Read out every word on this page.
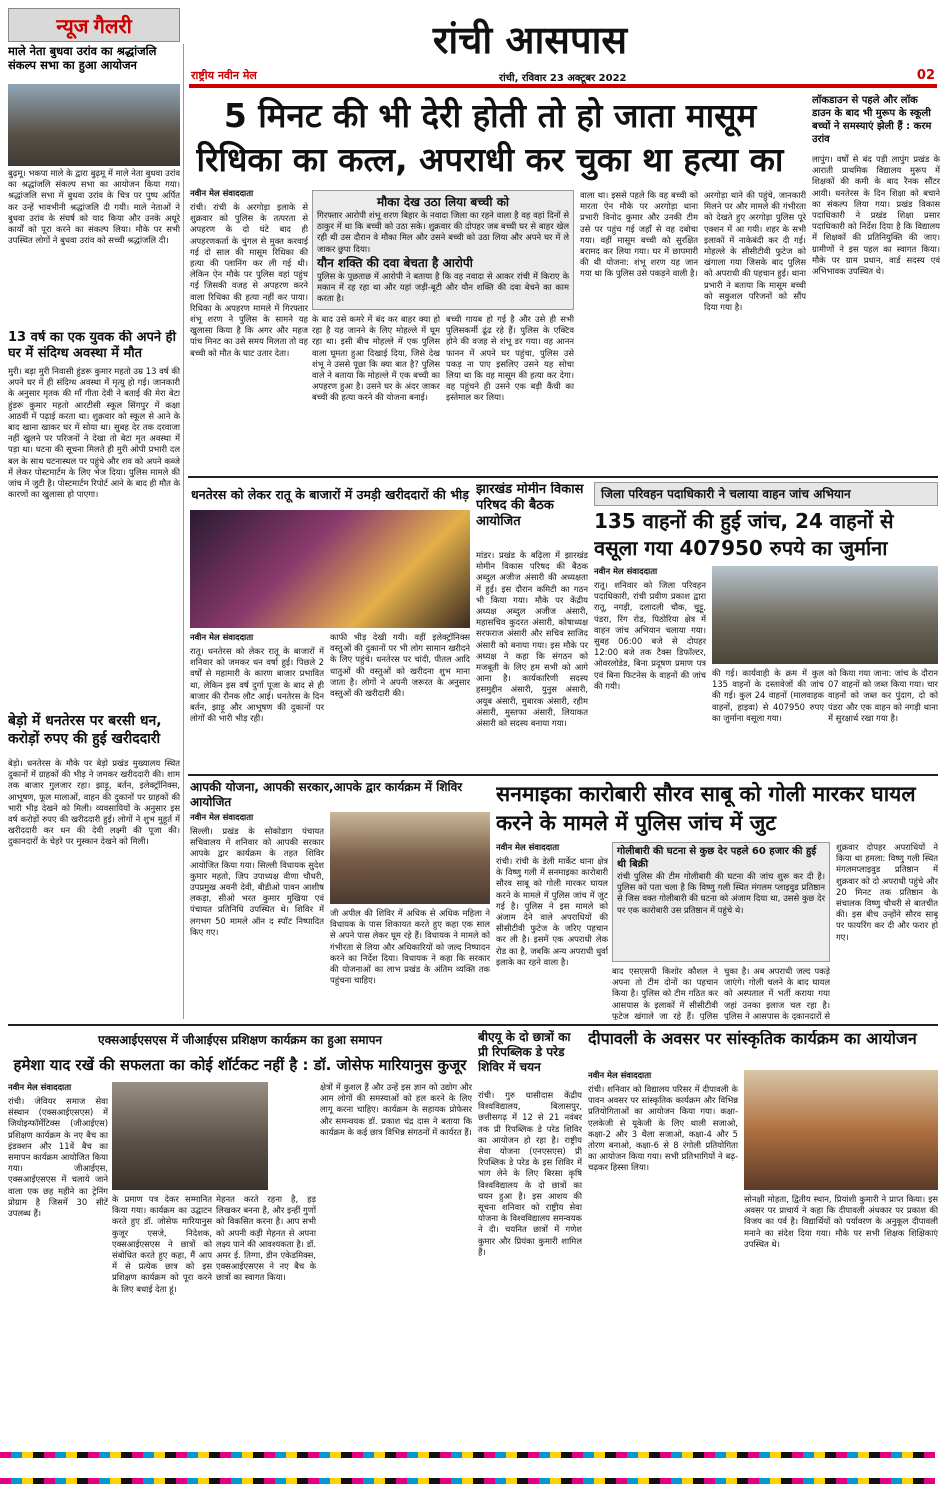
न्यूज गैलरी	रांची आसपास
राष्ट्रीय नवीन मेल	रांची, रविवार 23 अक्टूबर 2022	02
माले नेता बुधवा उरांव का श्रद्धांजलि संकल्प सभा का हुआ आयोजन
बुढ़मू। भकपा माले के द्वारा बुढ़मू में माले नेता बुधवा उरांव का श्रद्धांजलि संकल्प सभा का आयोजन किया गया। श्रद्धांजलि सभा में बुधवा उरांव के चित्र पर पुष्प अर्पित कर उन्हें भावभीनी श्रद्धांजलि दी गयी। माले नेताओं ने बुधवा उरांव के संघर्ष को याद किया और उनके अधूरे कार्यों को पूरा करने का संकल्प लिया। मौके पर सभी उपस्थित लोगों ने बुधवा उरांव को सच्ची श्रद्धांजलि दी।
13 वर्ष का एक युवक की अपने ही घर में संदिग्ध अवस्था में मौत
मुरी। बड़ा मुरी निवासी हुंडरू कुमार महतो उम्र 13 वर्ष की अपने घर में ही संदिग्ध अवस्था में मृत्यु हो गई। जानकारी के अनुसार मृतक की माँ गीता देवी ने बताई की मेरा बेटा हुंडरू कुमार महतो आरटीसी स्कूल सिंगपुर में कक्षा आठवीं में पढ़ाई करता था। शुक्रवार को स्कूल से आने के बाद खाना खाकर घर में सोया था। सुबह देर तक दरवाजा नहीं खुलने पर परिजनों ने देखा तो बेटा मृत अवस्था में पड़ा था। घटना की सूचना मिलते ही मुरी ओपी प्रभारी दल बल के साथ घटनास्थल पर पहुंचे और शव को अपने कब्जे में लेकर पोस्टमार्टम के लिए भेज दिया। पुलिस मामले की जांच में जुटी है। पोस्टमार्टम रिपोर्ट आने के बाद ही मौत के कारणों का खुलासा हो पाएगा।
बेड़ो में धनतेरस पर बरसी धन, करोड़ों रुपए की हुई खरीददारी
बेड़ो। धनतेरस के मौके पर बेड़ो प्रखंड मुख्यालय स्थित दुकानों में ग्राहकों की भीड़ ने जमकर खरीददारी की। शाम तक बाजार गुलजार रहा। झाड़ू, बर्तन, इलेक्ट्रॉनिक्स, आभूषण, फूल मालाओं, वाहन की दुकानों पर ग्राहकों की भारी भीड़ देखने को मिली। व्यवसायियों के अनुसार इस वर्ष करोड़ों रुपए की खरीददारी हुई। लोगों ने शुभ मुहूर्त में खरीददारी कर धन की देवी लक्ष्मी की पूजा की। दुकानदारों के चेहरे पर मुस्कान देखने को मिली।
5 मिनट की भी देरी होती तो हो जाता मासूम रिधिका का कत्ल, अपराधी कर चुका था हत्या का
नवीन मेल संवाददाता
रांची। रांची के अरगोड़ा इलाके से शुक्रवार को पुलिस के तत्परता से अपहरण के दो घंटे बाद ही अपहरणकर्ता के चुंगल से मुक्त करवाई गई दो साल की मासूम रिधिका की हत्या की प्लानिंग कर ली गई थी। लेकिन ऐन मौके पर पुलिस वहां पहुंच गई जिसकी वजह से अपहरण करने वाला रिधिका की हत्या नहीं कर पाया। रिधिका के अपहरण मामले में गिरफ्तार शंभू शरण ने पुलिस के सामने यह खुलासा किया है कि अगर और महज पांच मिनट का उसे समय मिलता तो वह बच्ची को मौत के घाट उतार देता।
मौका देख उठा लिया बच्ची को
गिरफ्तार आरोपी शंभू शरण बिहार के नवादा जिला का रहने वाला है वह वहां दिनों से ठाकुर में था कि बच्ची को उठा सके। शुक्रवार की दोपहर जब बच्ची घर से बाहर खेल रही थी उस दौरान वे मौका मिल और उसने बच्ची को उठा लिया और अपने घर में ले जाकर छुपा दिया।
यौन शक्ति की दवा बेचता है आरोपी
पुलिस के पूछताछ में आरोपी ने बताया है कि वह नवादा से आकर रांची में किराए के मकान में रह रहा था और यहां जड़ी-बूटी और यौन शक्ति की दवा बेचने का काम करता है।
के बाद उसे कमरे में बंद कर बाहर क्या हो रहा है यह जानने के लिए मोहल्ले में घूम रहा था। इसी बीच मोहल्ले में एक पुलिस वाला घूमता हुआ दिखाई दिया, जिसे देख शंभू ने उससे पूछा कि क्या बात है? पुलिस वाले ने बताया कि मोहल्ले में एक बच्ची का अपहरण हुआ है। उसने घर के अंदर जाकर बच्ची की हत्या करने की योजना बनाई।
बच्ची गायब हो गई है और उसे ही सभी पुलिसकर्मी ढूंढ रहे हैं। पुलिस के एक्टिव होने की वजह से शंभू डर गया। वह आनन फानन में अपने घर पहुंचा, पुलिस उसे पकड़ ना पाए इसलिए उसने यह सोचा लिया था कि वह मासूम की हत्या कर देगा। वह पहुंचने ही उसने एक बड़ी कैंची का इस्तेमाल कर लिया।
वाला था। इससे पहले कि वह बच्ची को मारता ऐन मौके पर अरगोड़ा थाना प्रभारी विनोद कुमार और उनकी टीम उसे पर पहुंच गई जहाँ से वह दबोचा गया। वहीं मासूम बच्ची को सुरक्षित बरामद कर लिया गया। घर में छापमारी की थी योजना: शंभू शरण यह जान गया था कि पुलिस उसे पकड़ने वाली है।
अरगोड़ा थाने की पहुंचे, जानकारी मिलने पर और मामले की गंभीरता को देखते हुए अरगोड़ा पुलिस पूरे एक्शन में आ गयी। शहर के सभी इलाकों में नाकेबंदी कर दी गई। मोहल्ले के सीसीटीवी फुटेज को खंगाला गया जिसके बाद पुलिस को अपराधी की पहचान हुई। थाना प्रभारी ने बताया कि मासूम बच्ची को सकुशल परिजनों को सौंप दिया गया है।
लॉकडाउन से पहले और लॉक डाउन के बाद भी मुरूप के स्कूली बच्चों ने समस्याएं झेली हैं : करम उरांव
लापुंग। वर्षों से बंद पड़ी लापुंग प्रखंड के आराती प्राथमिक विद्यालय मुरूप में शिक्षकों की कमी के बाद रैनक सौंटर आयी। धनतेरस के दिन शिक्षा को बचाने का संकल्प लिया गया। प्रखंड विकास पदाधिकारी ने प्रखंड शिक्षा प्रसार पदाधिकारी को निर्देश दिया है कि विद्यालय में शिक्षकों की प्रतिनियुक्ति की जाए। ग्रामीणों ने इस पहल का स्वागत किया। मौके पर ग्राम प्रधान, वार्ड सदस्य एवं अभिभावक उपस्थित थे।
धनतेरस को लेकर रातू के बाजारों में उमड़ी खरीददारों की भीड़
नवीन मेल संवाददाता
रातू। धनतेरस को लेकर रातू के बाजारों में शनिवार को जमकर धन वर्षा हुई। पिछले 2 वर्षों से महामारी के कारण बाजार प्रभावित था, लेकिन इस वर्ष दुर्गा पूजा के बाद से ही बाजार की रौनक लौट आई। धनतेरस के दिन बर्तन, झाड़ू और आभूषण की दुकानों पर लोगों की भारी भीड़ रही।
काफी भीड़ देखी गयी। वहीं इलेक्ट्रॉनिक्स वस्तुओं की दुकानों पर भी लोग सामान खरीदने के लिए पहुंचे। धनतेरस पर चांदी, पीतल आदि धातुओं की वस्तुओं को खरीदना शुभ माना जाता है। लोगों ने अपनी जरूरत के अनुसार वस्तुओं की खरीदारी की।
झारखंड मोमीन विकास परिषद की बैठक आयोजित
मांडर। प्रखंड के बढ़िला में झारखंड मोमीन विकास परिषद की बैठक अब्दुल अजीज अंसारी की अध्यक्षता में हुई। इस दौरान कमिटी का गठन भी किया गया। मौके पर केंद्रीय अध्यक्ष अब्दुल अजीज अंसारी, महासचिव कुदरत अंसारी, कोषाध्यक्ष सरफराज अंसारी और सचिव साजिद अंसारी को बनाया गया। इस मौके पर अध्यक्ष ने कहा कि संगठन को मजबूती के लिए हम सभी को आगे आना है। कार्यकारिणी सदस्य हसमुद्दीन अंसारी, युनुस अंसारी, अयूब अंसारी, मुबारक अंसारी, रहीम अंसारी, मुस्तफा अंसारी, लियाकत अंसारी को सदस्य बनाया गया।
जिला परिवहन पदाधिकारी ने चलाया वाहन जांच अभियान
135 वाहनों की हुई जांच, 24 वाहनों से वसूला गया 407950 रुपये का जुर्माना
नवीन मेल संवाददाता
रातू। शनिवार को जिला परिवहन पदाधिकारी, रांची प्रवीण प्रकाश द्वारा रातू, नगड़ी, दलादली चौक, चुट्टू, पंडरा, रिंग रोड, पिठोरिया क्षेत्र में वाहन जांच अभियान चलाया गया। सुबह 06:00 बजे से दोपहर 12:00 बजे तक टैक्स डिफॉल्टर, ओवरलोडेड, बिना प्रदूषण प्रमाण पत्र एवं बिना फिटनेस के वाहनों की जांच की गयी।
की गई। कार्यवाही के क्रम में कुल 135 वाहनों के दस्तावेजों की जांच की गई। कुल 24 वाहनों (मालवाहक वाहनों, हाइवा) से 407950 रुपए का जुर्माना वसूला गया।
को किया गया जाना: जांच के दौरान 07 वाहनों को जब्त किया गया। चार वाहनों को जब्त कर पुंदाग, दो को पंडरा और एक वाहन को नगड़ी थाना में सुरक्षार्थ रखा गया है।
आपकी योजना, आपकी सरकार,आपके द्वार कार्यक्रम में शिविर आयोजित
नवीन मेल संवाददाता
सिल्ली। प्रखंड के सोकोडाग पंचायत सचिवालय में शनिवार को आपकी सरकार आपके द्वार कार्यक्रम के तहत शिविर आयोजित किया गया। सिल्ली विधायक सुदेश कुमार महतो, जिप उपाध्यक्ष वीणा चौधरी, उपप्रमुख अवनी देवी, बीडीओ पावन आशीष लकड़ा, सीओ भरत कुमार मुखिया एवं पंचायत प्रतिनिधि उपस्थित थे। शिविर में लगभग 50 मामले ऑन द स्पॉट निष्पादित किए गए।
जी अपील की शिविर में अधिक से अधिक महिला ने विधायक के पास शिकायत करते हुए कहा एक साल से अपने पास लेकर घूम रहे हैं। विधायक ने मामले को गंभीरता से लिया और अधिकारियों को जल्द निष्पादन करने का निर्देश दिया। विधायक ने कहा कि सरकार की योजनाओं का लाभ प्रखंड के अंतिम व्यक्ति तक पहुंचना चाहिए।
सनमाइका कारोबारी सौरव साबू को गोली मारकर घायल करने के मामले में पुलिस जांच में जुट
नवीन मेल संवाददाता
रांची। रांची के डेली मार्केट थाना क्षेत्र के विष्णु गली में सनमाइका कारोबारी सौरव साबू को गोली मारकर घायल करने के मामले में पुलिस जांच में जुट गई है। पुलिस ने इस मामले को अंजाम देने वाले अपराधियों की सीसीटीवी फुटेज के जरिए पहचान कर ली है। इसमें एक अपराधी लेक रोड का है, जबकि अन्य अपराधी धुर्वा इलाके का रहने वाला है।
गोलीबारी की घटना से कुछ देर पहले 60 हजार की हुई थी बिक्री
रांची पुलिस की टीम गोलीबारी की घटना की जांच शुरू कर दी है। पुलिस को पता चला है कि विष्णु गली स्थित मंगलम प्लाइवुड प्रतिष्ठान से जिस वक्त गोलीबारी की घटना को अंजाम दिया था, उससे कुछ देर पर एक कारोबारी उस प्रतिष्ठान में पहुंचे थे।
बाद एसएसपी किशोर कौशल ने अपना तो टीम दोनों का पहचान किया है। पुलिस को टीम गठित कर आसपास के इलाकों में सीसीटीवी फुटेज खंगाले जा रहे हैं। पुलिस
चुका है। अब अपराधी जल्द पकड़े जाएंगे। गोली चलने के बाद घायल को अस्पताल में भर्ती कराया गया जहां उनका इलाज चल रहा है। पुलिस ने आसपास के दुकानदारों से
शुक्रवार दोपहर अपराधियों ने किया था हमला: विष्णु गली स्थित मंगलमप्लाइवुड प्रतिष्ठान में शुक्रवार को दो अपराधी पहुंचे और 20 मिनट तक प्रतिष्ठान के संचालक विष्णु चौधरी से बातचीत की। इस बीच उन्होंने सौरव साबू पर फायरिंग कर दी और फरार हो गए।
एक्सआईएसएस में जीआईएस प्रशिक्षण कार्यक्रम का हुआ समापन
हमेशा याद रखें की सफलता का कोई शॉर्टकट नहीं है : डॉ. जोसेफ मारियानुस कुजूर
नवीन मेल संवाददाता
रांची। जेवियर समाज सेवा संस्थान (एक्सआईएसएस) में जियोइन्फॉर्मेटिक्स (जीआईएस) प्रशिक्षण कार्यक्रम के नए बैच का इंडक्शन और 11वें बैच का समापन कार्यक्रम आयोजित किया गया। जीआईएस, एक्सआईएसएस में चलाये जाने वाला एक छह महीने का ट्रेनिंग प्रोग्राम है जिसमें 30 सीटें उपलब्ध हैं।
के प्रमाण पत्र देकर सम्मानित किया गया। कार्यक्रम का उद्घाटन करते हुए डॉ. जोसेफ मारियानुस कुजूर एसजे, निदेशक, एक्सआईएसएस ने छात्रों को संबोधित करते हुए कहा, मैं आप में से प्रत्येक छात्र को इस प्रशिक्षण कार्यक्रम को पूरा करने के लिए बधाई देता हूं।
मेहनत करते रहना है, हड़ लिखकर बनना है, और इन्हीं गुणों को विकसित करना है। आप सभी को अपनी कड़ी मेहनत से अपना लक्ष्य पाने की आवश्यकता है। डॉ. अमर ई. तिग्गा, डीन एकेडमिक्स, एक्सआईएसएस ने नए बैच के छात्रों का स्वागत किया।
क्षेत्रों में कुशल हैं और उन्हें इस ज्ञान को उद्योग और आम लोगों की समस्याओं को हल करने के लिए लागू करना चाहिए। कार्यक्रम के सहायक प्रोफेसर और समन्वयक डॉ. प्रकाश चंद्र दास ने बताया कि कार्यक्रम के कई छात्र विभिन्न संगठनों में कार्यरत हैं।
बीएयू के दो छात्रों का प्री रिपब्लिक डे परेड शिविर में चयन
रांची। गुरु घासीदास केंद्रीय विश्वविद्यालय, बिलासपुर, छत्तीसगढ़ में 12 से 21 नवंबर तक प्री रिपब्लिक डे परेड शिविर का आयोजन हो रहा है। राष्ट्रीय सेवा योजना (एनएसएस) प्री रिपब्लिक डे परेड के इस शिविर में भाग लेने के लिए बिरसा कृषि विश्वविद्यालय के दो छात्रों का चयन हुआ है। इस आशय की सूचना शनिवार को राष्ट्रीय सेवा योजना के विश्वविद्यालय समन्वयक ने दी। चयनित छात्रों में गणेश कुमार और प्रियंका कुमारी शामिल हैं।
दीपावली के अवसर पर सांस्कृतिक कार्यक्रम का आयोजन
नवीन मेल संवाददाता
रांची। शनिवार को विद्यालय परिसर में दीपावली के पावन अवसर पर सांस्कृतिक कार्यक्रम और विभिन्न प्रतियोगिताओं का आयोजन किया गया। कक्षा-एलकेजी से यूकेजी के लिए थाली सजाओ, कक्षा-2 और 3 थैला सजाओ, कक्षा-4 और 5 तोरण बनाओ, कक्षा-6 से 8 रंगोली प्रतियोगिता का आयोजन किया गया। सभी प्रतिभागियों ने बढ़-चढ़कर हिस्सा लिया।
सोनक्षी मोहता, द्वितीय स्थान, प्रियांशी कुमारी ने प्राप्त किया। इस अवसर पर प्राचार्य ने कहा कि दीपावली अंधकार पर प्रकाश की विजय का पर्व है। विद्यार्थियों को पर्यावरण के अनुकूल दीपावली मनाने का संदेश दिया गया। मौके पर सभी शिक्षक शिक्षिकाएं उपस्थित थे।
